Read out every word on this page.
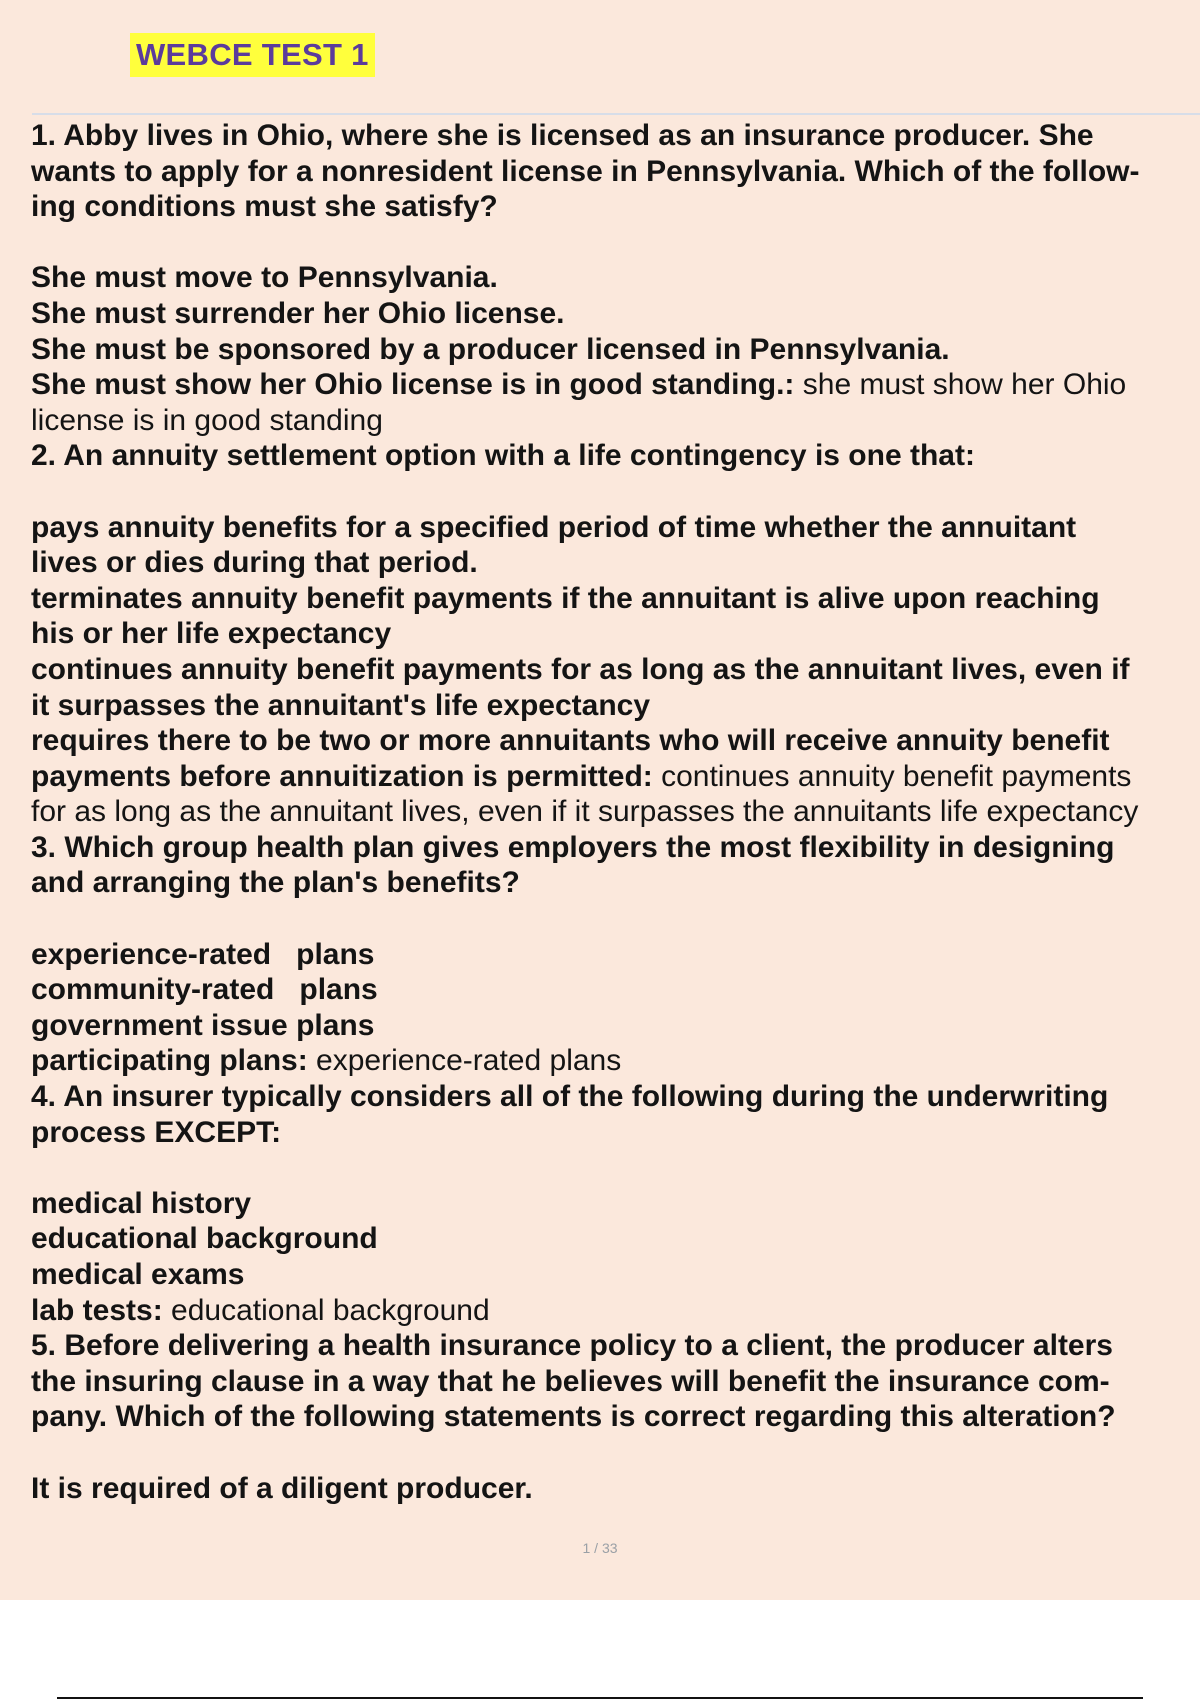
WEBCE TEST 1
1. Abby lives in Ohio, where she is licensed as an insurance producer. She
wants to apply for a nonresident license in Pennsylvania. Which of the follow-
ing conditions must she satisfy?
She must move to Pennsylvania.
She must surrender her Ohio license.
She must be sponsored by a producer licensed in Pennsylvania.
She must show her Ohio license is in good standing.: she must show her Ohio
license is in good standing
2. An annuity settlement option with a life contingency is one that:
pays annuity benefits for a specified period of time whether the annuitant
lives or dies during that period.
terminates annuity benefit payments if the annuitant is alive upon reaching
his or her life expectancy
continues annuity benefit payments for as long as the annuitant lives, even if
it surpasses the annuitant's life expectancy
requires there to be two or more annuitants who will receive annuity benefit
payments before annuitization is permitted: continues annuity benefit payments
for as long as the annuitant lives, even if it surpasses the annuitants life expectancy
3. Which group health plan gives employers the most flexibility in designing
and arranging the plan's benefits?
experience-rated   plans
community-rated   plans
government issue plans
participating plans: experience-rated plans
4. An insurer typically considers all of the following during the underwriting
process EXCEPT:
medical history
educational background
medical exams
lab tests: educational background
5. Before delivering a health insurance policy to a client, the producer alters
the insuring clause in a way that he believes will benefit the insurance com-
pany. Which of the following statements is correct regarding this alteration?
It is required of a diligent producer.
1 / 33
